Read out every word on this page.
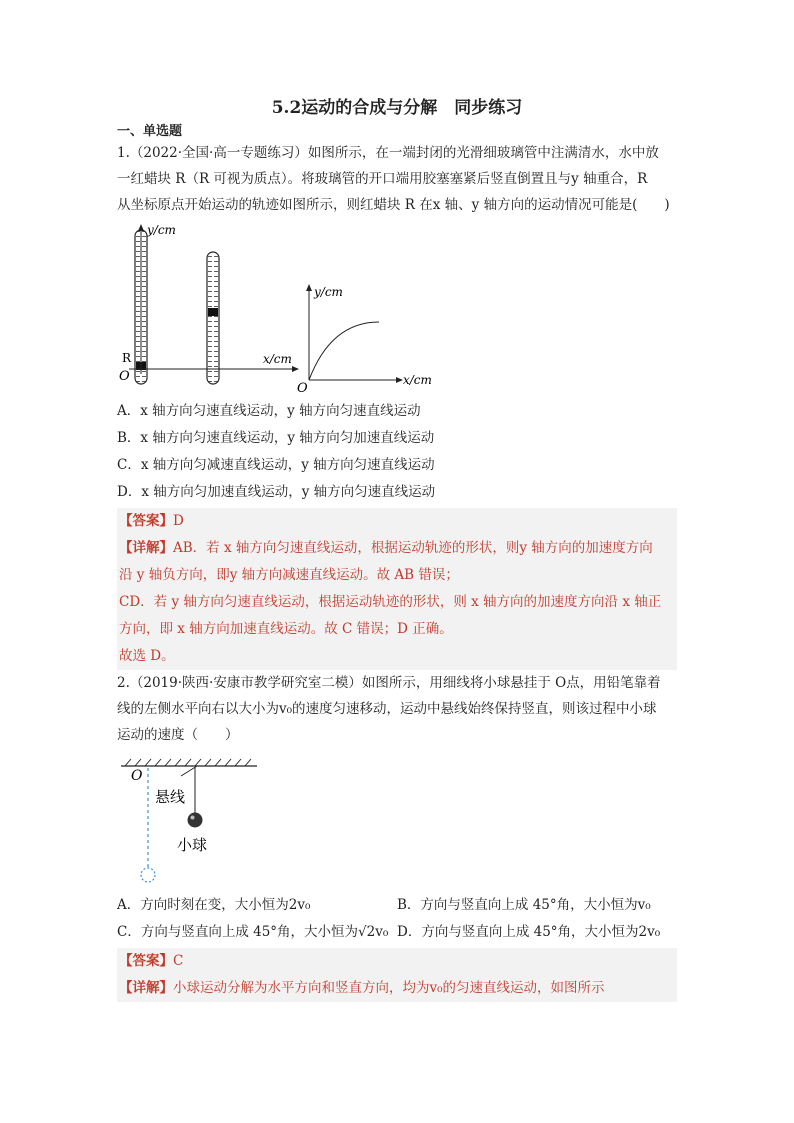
5.2运动的合成与分解　同步练习
一、单选题

1.（2022·全国·高一专题练习）如图所示，在一端封闭的光滑细玻璃管中注满清水，水中放

一红蜡块 R（R 可视为质点）。将玻璃管的开口端用胶塞塞紧后竖直倒置且与y 轴重合，R

从坐标原点开始运动的轨迹如图所示，则红蜡块 R 在x 轴、y 轴方向的运动情况可能是(　　)

y/cm
x/cm
R
O
y/cm
x/cm
O

A．x 轴方向匀速直线运动，y 轴方向匀速直线运动

B．x 轴方向匀速直线运动，y 轴方向匀加速直线运动

C．x 轴方向匀减速直线运动，y 轴方向匀速直线运动

D．x 轴方向匀加速直线运动，y 轴方向匀速直线运动

【答案】D

【详解】AB．若 x 轴方向匀速直线运动，根据运动轨迹的形状，则y 轴方向的加速度方向

沿 y 轴负方向，即y 轴方向减速直线运动。故 AB 错误；

CD．若 y 轴方向匀速直线运动，根据运动轨迹的形状，则 x 轴方向的加速度方向沿 x 轴正

方向，即 x 轴方向加速直线运动。故 C 错误；D 正确。

故选 D。

2.（2019·陕西·安康市教学研究室二模）如图所示，用细线将小球悬挂于 O点，用铅笔靠着

线的左侧水平向右以大小为v₀的速度匀速移动，运动中悬线始终保持竖直，则该过程中小球

运动的速度（　　）

O
悬线
小球
A．方向时刻在变，大小恒为2v₀	B．方向与竖直向上成 45°角，大小恒为v₀
C．方向与竖直向上成 45°角，大小恒为√2v₀ D．方向与竖直向上成 45°角，大小恒为2v₀

【答案】C

【详解】小球运动分解为水平方向和竖直方向，均为v₀的匀速直线运动，如图所示
